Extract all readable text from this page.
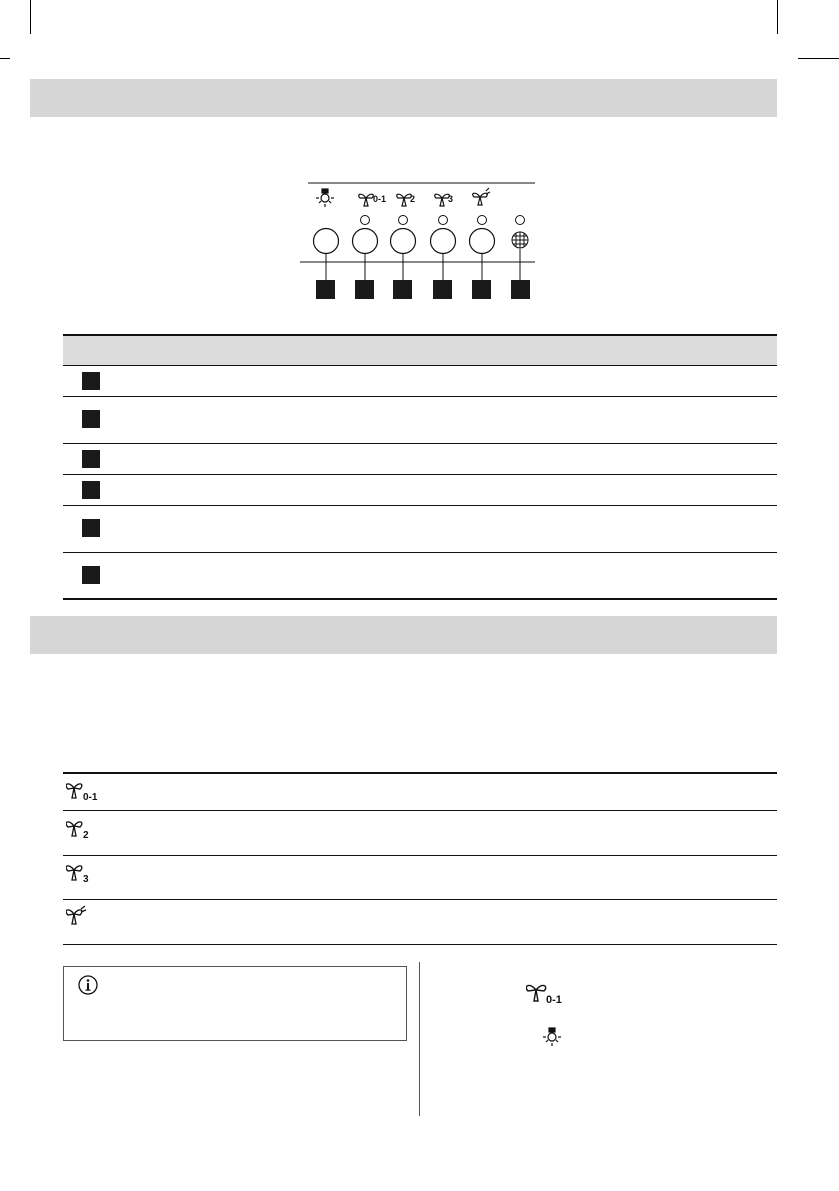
0-1	2	3
0-1
2
3
0-1
